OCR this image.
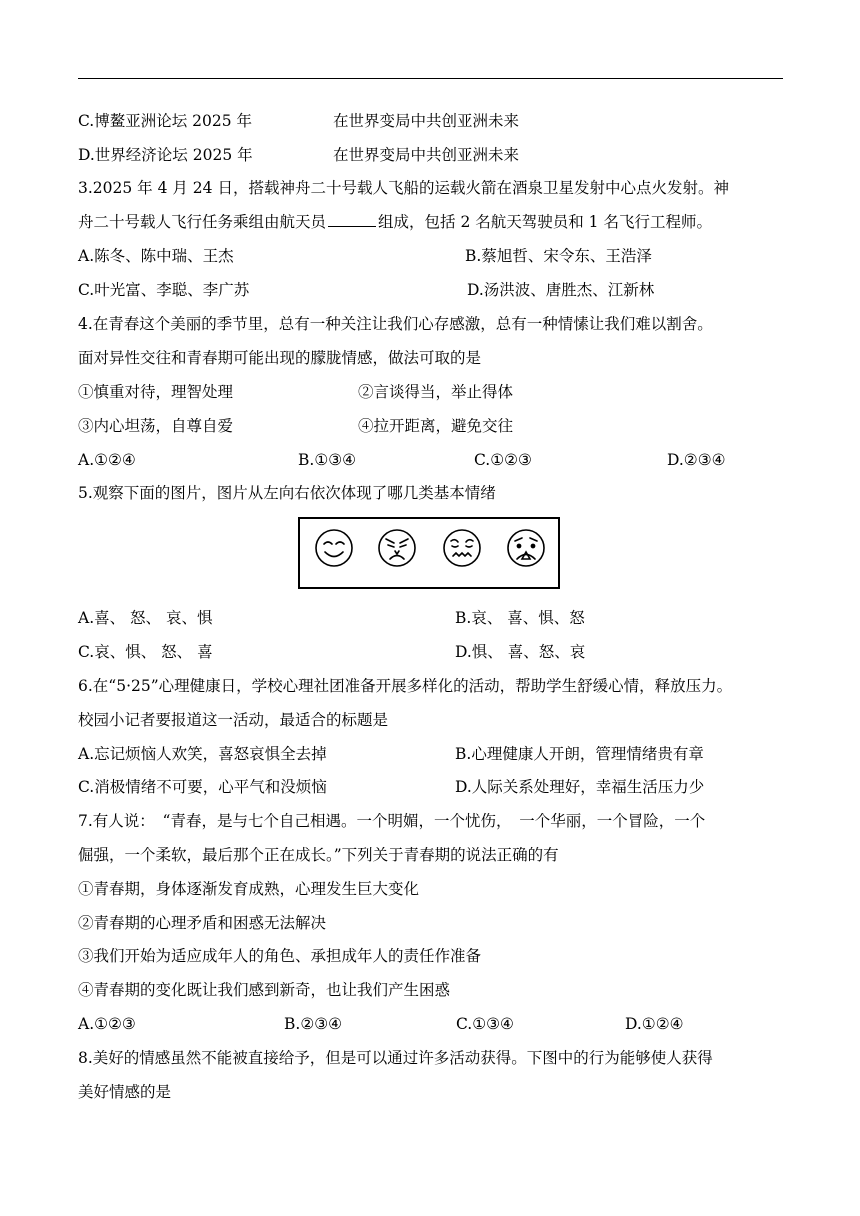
C.博鳌亚洲论坛 2025 年	在世界变局中共创亚洲未来
D.世界经济论坛 2025 年	在世界变局中共创亚洲未来
3.2025 年 4 月 24 日，搭载神舟二十号载人飞船的运载火箭在酒泉卫星发射中心点火发射。神
舟二十号载人飞行任务乘组由航天员	组成，包括 2 名航天驾驶员和 1 名飞行工程师。
A.陈冬、陈中瑞、王杰	B.蔡旭哲、宋令东、王浩泽
C.叶光富、李聪、李广苏	D.汤洪波、唐胜杰、江新林
4.在青春这个美丽的季节里，总有一种关注让我们心存感激，总有一种情愫让我们难以割舍。
面对异性交往和青春期可能出现的朦胧情感，做法可取的是
①慎重对待，理智处理	②言谈得当，举止得体
③内心坦荡，自尊自爱	④拉开距离，避免交往
A.①②④	B.①③④	C.①②③	D.②③④
5.观察下面的图片，图片从左向右依次体现了哪几类基本情绪
A.喜、 怒、 哀、惧	B.哀、 喜、惧、怒
C.哀、惧、 怒、 喜	D.惧、 喜、怒、哀
6.在“5·25”心理健康日，学校心理社团准备开展多样化的活动，帮助学生舒缓心情，释放压力。
校园小记者要报道这一活动，最适合的标题是
A.忘记烦恼人欢笑，喜怒哀惧全去掉	B.心理健康人开朗，管理情绪贵有章
C.消极情绪不可要，心平气和没烦恼	D.人际关系处理好，幸福生活压力少
7.有人说：　“青春，是与七个自己相遇。一个明媚，一个忧伤，　一个华丽，一个冒险，一个
倔强，一个柔软，最后那个正在成长。”下列关于青春期的说法正确的有
①青春期，身体逐渐发育成熟，心理发生巨大变化
②青春期的心理矛盾和困惑无法解决
③我们开始为适应成年人的角色、承担成年人的责任作准备
④青春期的变化既让我们感到新奇，也让我们产生困惑
A.①②③	B.②③④	C.①③④	D.①②④
8.美好的情感虽然不能被直接给予，但是可以通过许多活动获得。下图中的行为能够使人获得
美好情感的是
